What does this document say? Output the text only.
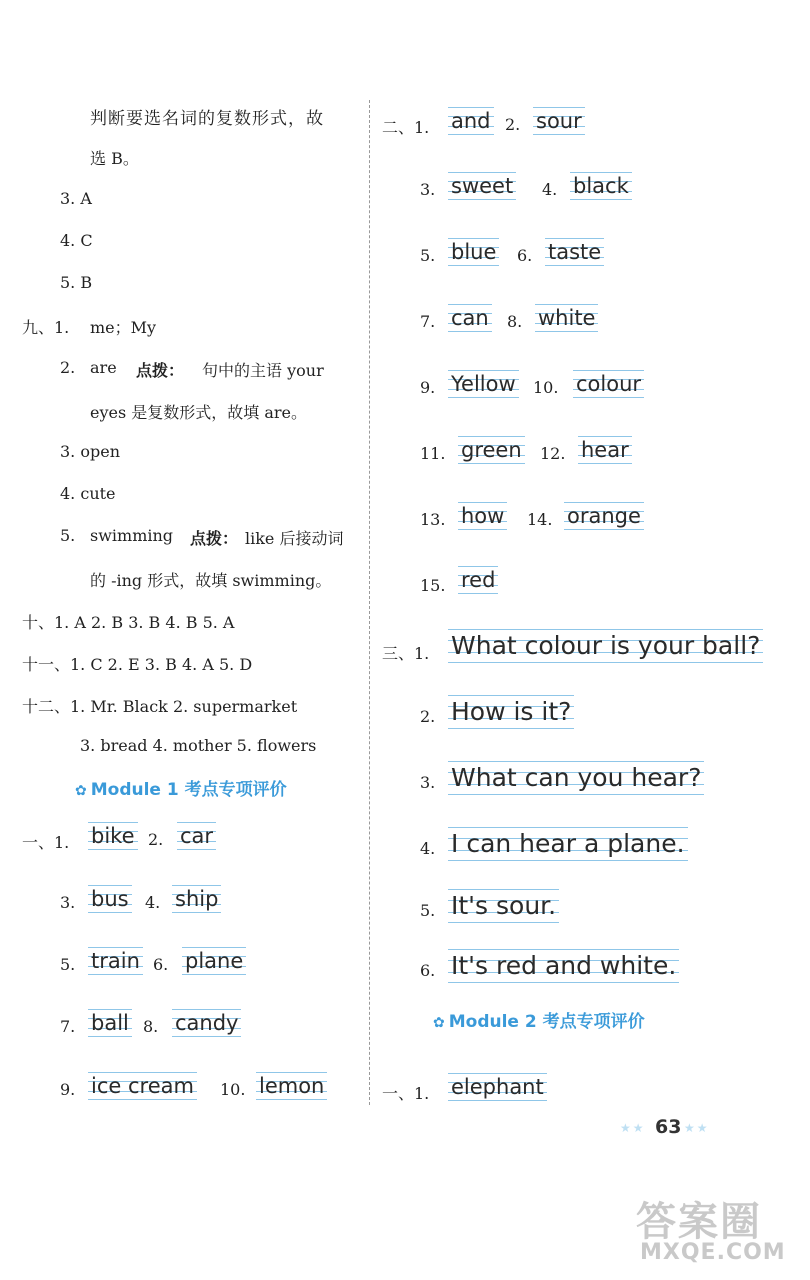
判断要选名词的复数形式，故
选 B。
3. A
4. C
5. B
九、1. me；My
2. are 点拨： 句中的主语 your
eyes 是复数形式，故填 are。
3. open
4. cute
5. swimming 点拨： like 后接动词
的 -ing 形式，故填 swimming。
十、1. A 2. B 3. B 4. B 5. A
十一、1. C 2. E 3. B 4. A 5. D
十二、1. Mr. Black 2. supermarket
3. bread 4. mother 5. flowers
✿ Module 1 考点专项评价
一、1. bike 2. car
3. bus 4. ship
5. train 6. plane
7. ball 8. candy
9. ice cream 10. lemon
二、1. and 2. sour
3. sweet 4. black
5. blue 6. taste
7. can 8. white
9. Yellow 10. colour
11. green 12. hear
13. how 14. orange
15. red
三、1. What colour is your ball?
2. How is it?
3. What can you hear?
4. I can hear a plane.
5. It's sour.
6. It's red and white.
✿ Module 2 考点专项评价
一、1. elephant
★★ 63 ★★
答案圈
MXQE.COM
